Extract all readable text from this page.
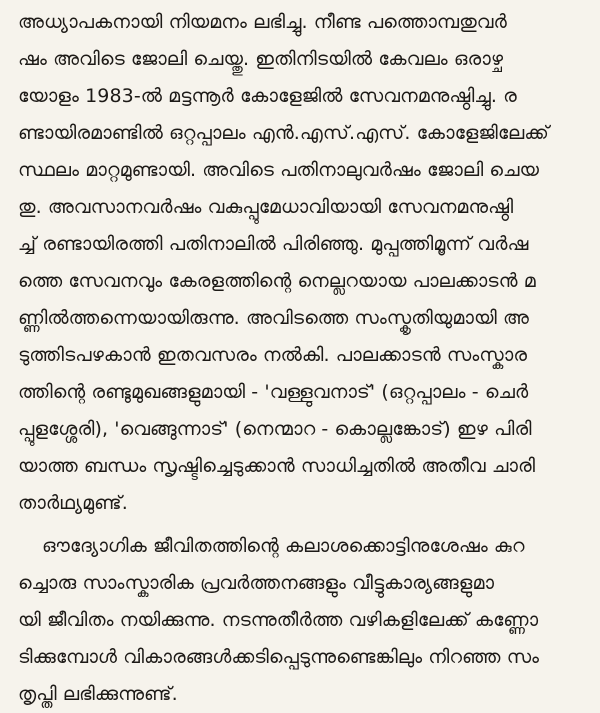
അധ്യാപകനായി നിയമനം ലഭിച്ചു. നീണ്ട പത്തൊമ്പതുവർ
ഷം അവിടെ ജോലി ചെയ്തു. ഇതിനിടയിൽ കേവലം ഒരാഴ്ച
യോളം 1983-ൽ മട്ടന്നൂർ കോളേജിൽ സേവനമനുഷ്ഠിച്ചു. ര
ണ്ടായിരമാണ്ടിൽ ഒറ്റപ്പാലം എൻ.എസ്.എസ്. കോളേജിലേക്ക്
സ്ഥലം മാറ്റമുണ്ടായി. അവിടെ പതിനാലുവർഷം ജോലി ചെയ
തു. അവസാനവർഷം വകുപ്പുമേധാവിയായി സേവനമനുഷ്ഠി
ച്ച് രണ്ടായിരത്തി പതിനാലിൽ പിരിഞ്ഞു. മുപ്പത്തിമൂന്ന് വർഷ
ത്തെ സേവനവും കേരളത്തിന്റെ നെല്ലറയായ പാലക്കാടൻ മ
ണ്ണിൽത്തന്നെയായിരുന്നു. അവിടത്തെ സംസ്കൃതിയുമായി അ
ടുത്തിടപഴകാൻ ഇതവസരം നൽകി. പാലക്കാടൻ സംസ്കാര
ത്തിന്റെ രണ്ടുമുഖങ്ങളുമായി - 'വള്ളുവനാട്' (ഒറ്റപ്പാലം - ചെർ
പ്പുളശ്ശേരി), 'വെങ്ങുന്നാട്' (നെന്മാറ - കൊല്ലങ്കോട്) ഇഴ പിരി
യാത്ത ബന്ധം സൃഷ്ടിച്ചെടുക്കാൻ സാധിച്ചതിൽ അതീവ ചാരി
താർഥ്യമുണ്ട്.
ഔദ്യോഗിക ജീവിതത്തിന്റെ കലാശക്കൊട്ടിനുശേഷം കുറ
ച്ചൊരു സാംസ്കാരിക പ്രവർത്തനങ്ങളും വീട്ടുകാര്യങ്ങളുമാ
യി ജീവിതം നയിക്കുന്നു. നടന്നുതീർത്ത വഴികളിലേക്ക് കണ്ണോ
ടിക്കുമ്പോൾ വികാരങ്ങൾക്കടിപ്പെടുന്നുണ്ടെങ്കിലും നിറഞ്ഞ സം
തൃപ്തി ലഭിക്കുന്നുണ്ട്.
